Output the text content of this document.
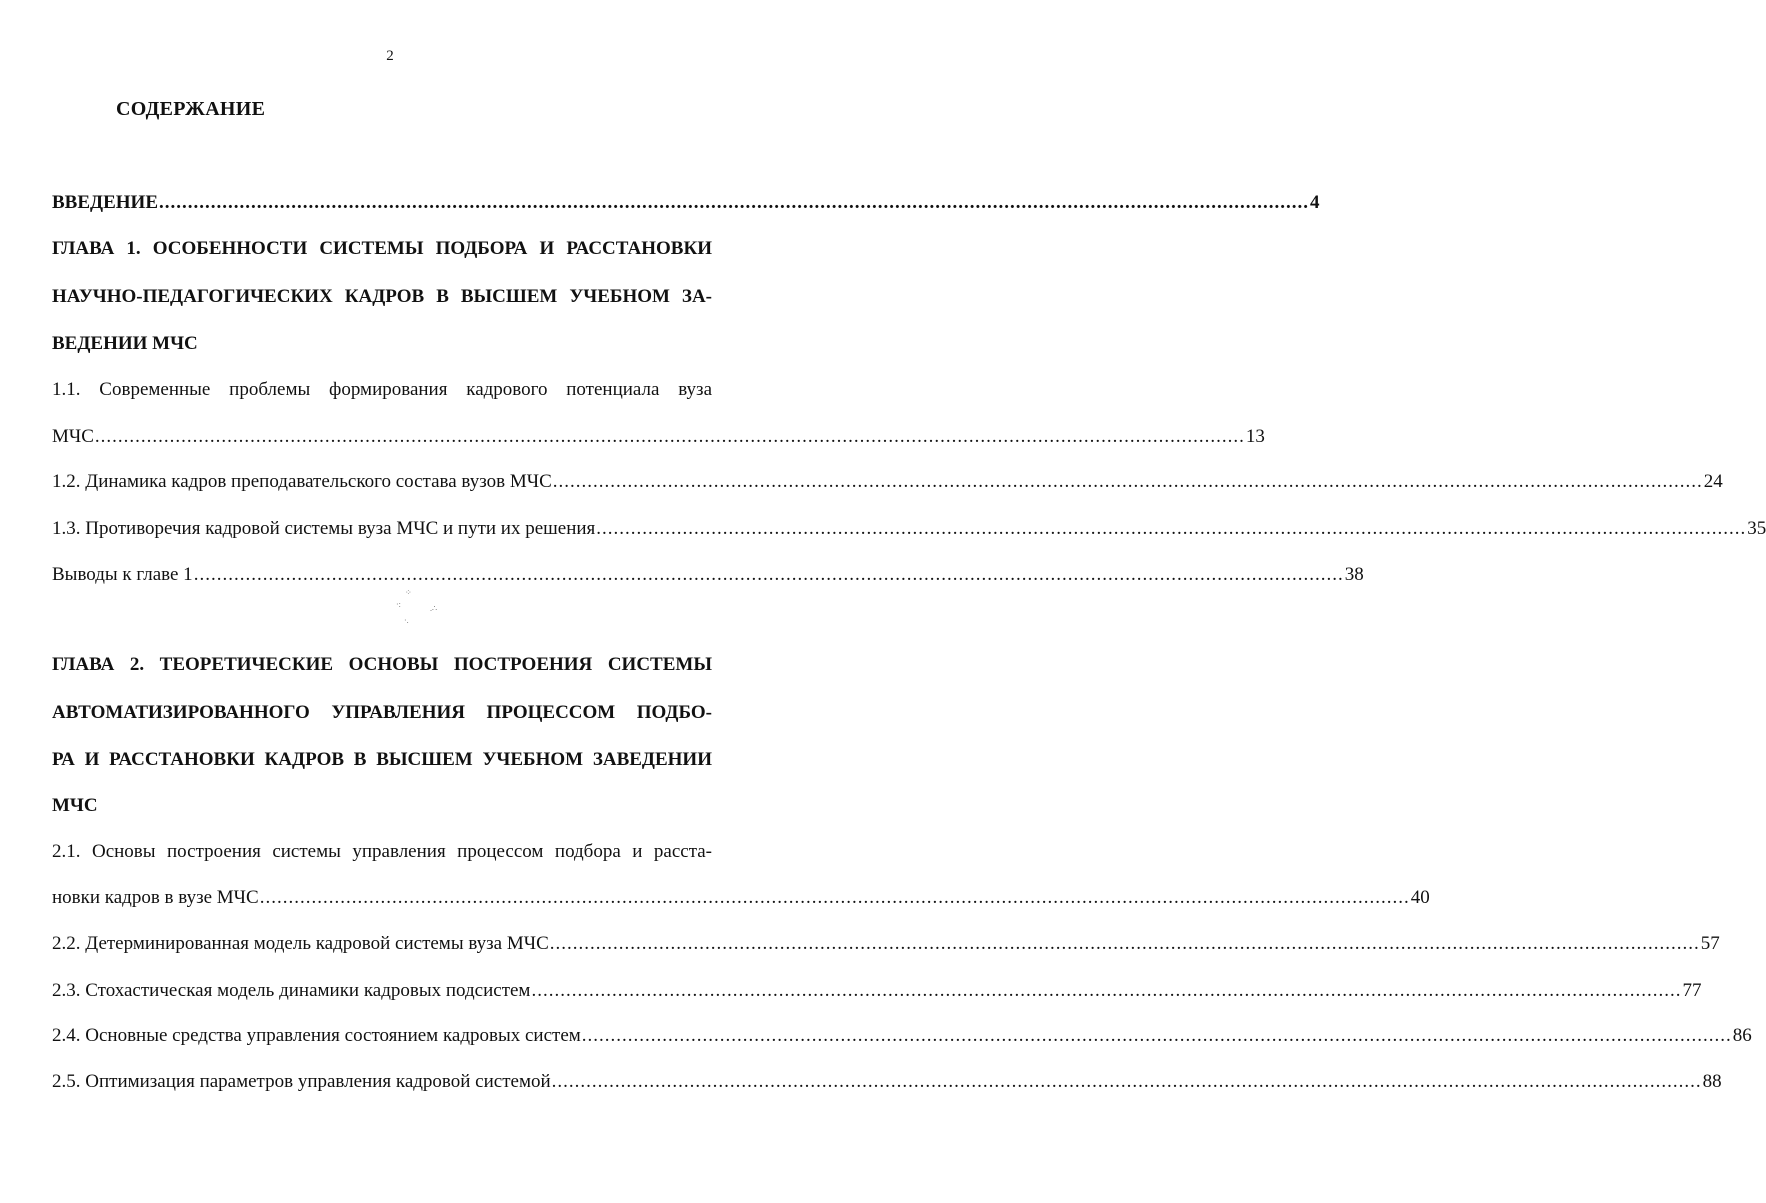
2
СОДЕРЖАНИЕ
ВВЕДЕНИЕ ........................................................................................................................................................................................................ 4
ГЛАВА 1. ОСОБЕННОСТИ СИСТЕМЫ ПОДБОРА И РАССТАНОВКИ
НАУЧНО-ПЕДАГОГИЧЕСКИХ КАДРОВ В ВЫСШЕМ УЧЕБНОМ ЗА-
ВЕДЕНИИ МЧС
1.1. Современные проблемы формирования кадрового потенциала вуза
МЧС ........................................................................................................................................................................................................ 13
1.2. Динамика кадров преподавательского состава вузов МЧС ........................................................................................................................................................................................................ 24
1.3. Противоречия кадровой системы вуза МЧС и пути их решения ........................................................................................................................................................................................................ 35
Выводы к главе 1 ........................................................................................................................................................................................................ 38
⁘
·:	.∴
·.
ГЛАВА 2. ТЕОРЕТИЧЕСКИЕ ОСНОВЫ ПОСТРОЕНИЯ СИСТЕМЫ
АВТОМАТИЗИРОВАННОГО УПРАВЛЕНИЯ ПРОЦЕССОМ ПОДБО-
РА И РАССТАНОВКИ КАДРОВ В ВЫСШЕМ УЧЕБНОМ ЗАВЕДЕНИИ
МЧС
2.1. Основы построения системы управления процессом подбора и расста-
новки кадров в вузе МЧС ........................................................................................................................................................................................................ 40
2.2. Детерминированная модель кадровой системы вуза МЧС ........................................................................................................................................................................................................ 57
2.3. Стохастическая модель динамики кадровых подсистем ........................................................................................................................................................................................................ 77
2.4. Основные средства управления состоянием кадровых систем ........................................................................................................................................................................................................ 86
2.5. Оптимизация параметров управления кадровой системой ........................................................................................................................................................................................................ 88
